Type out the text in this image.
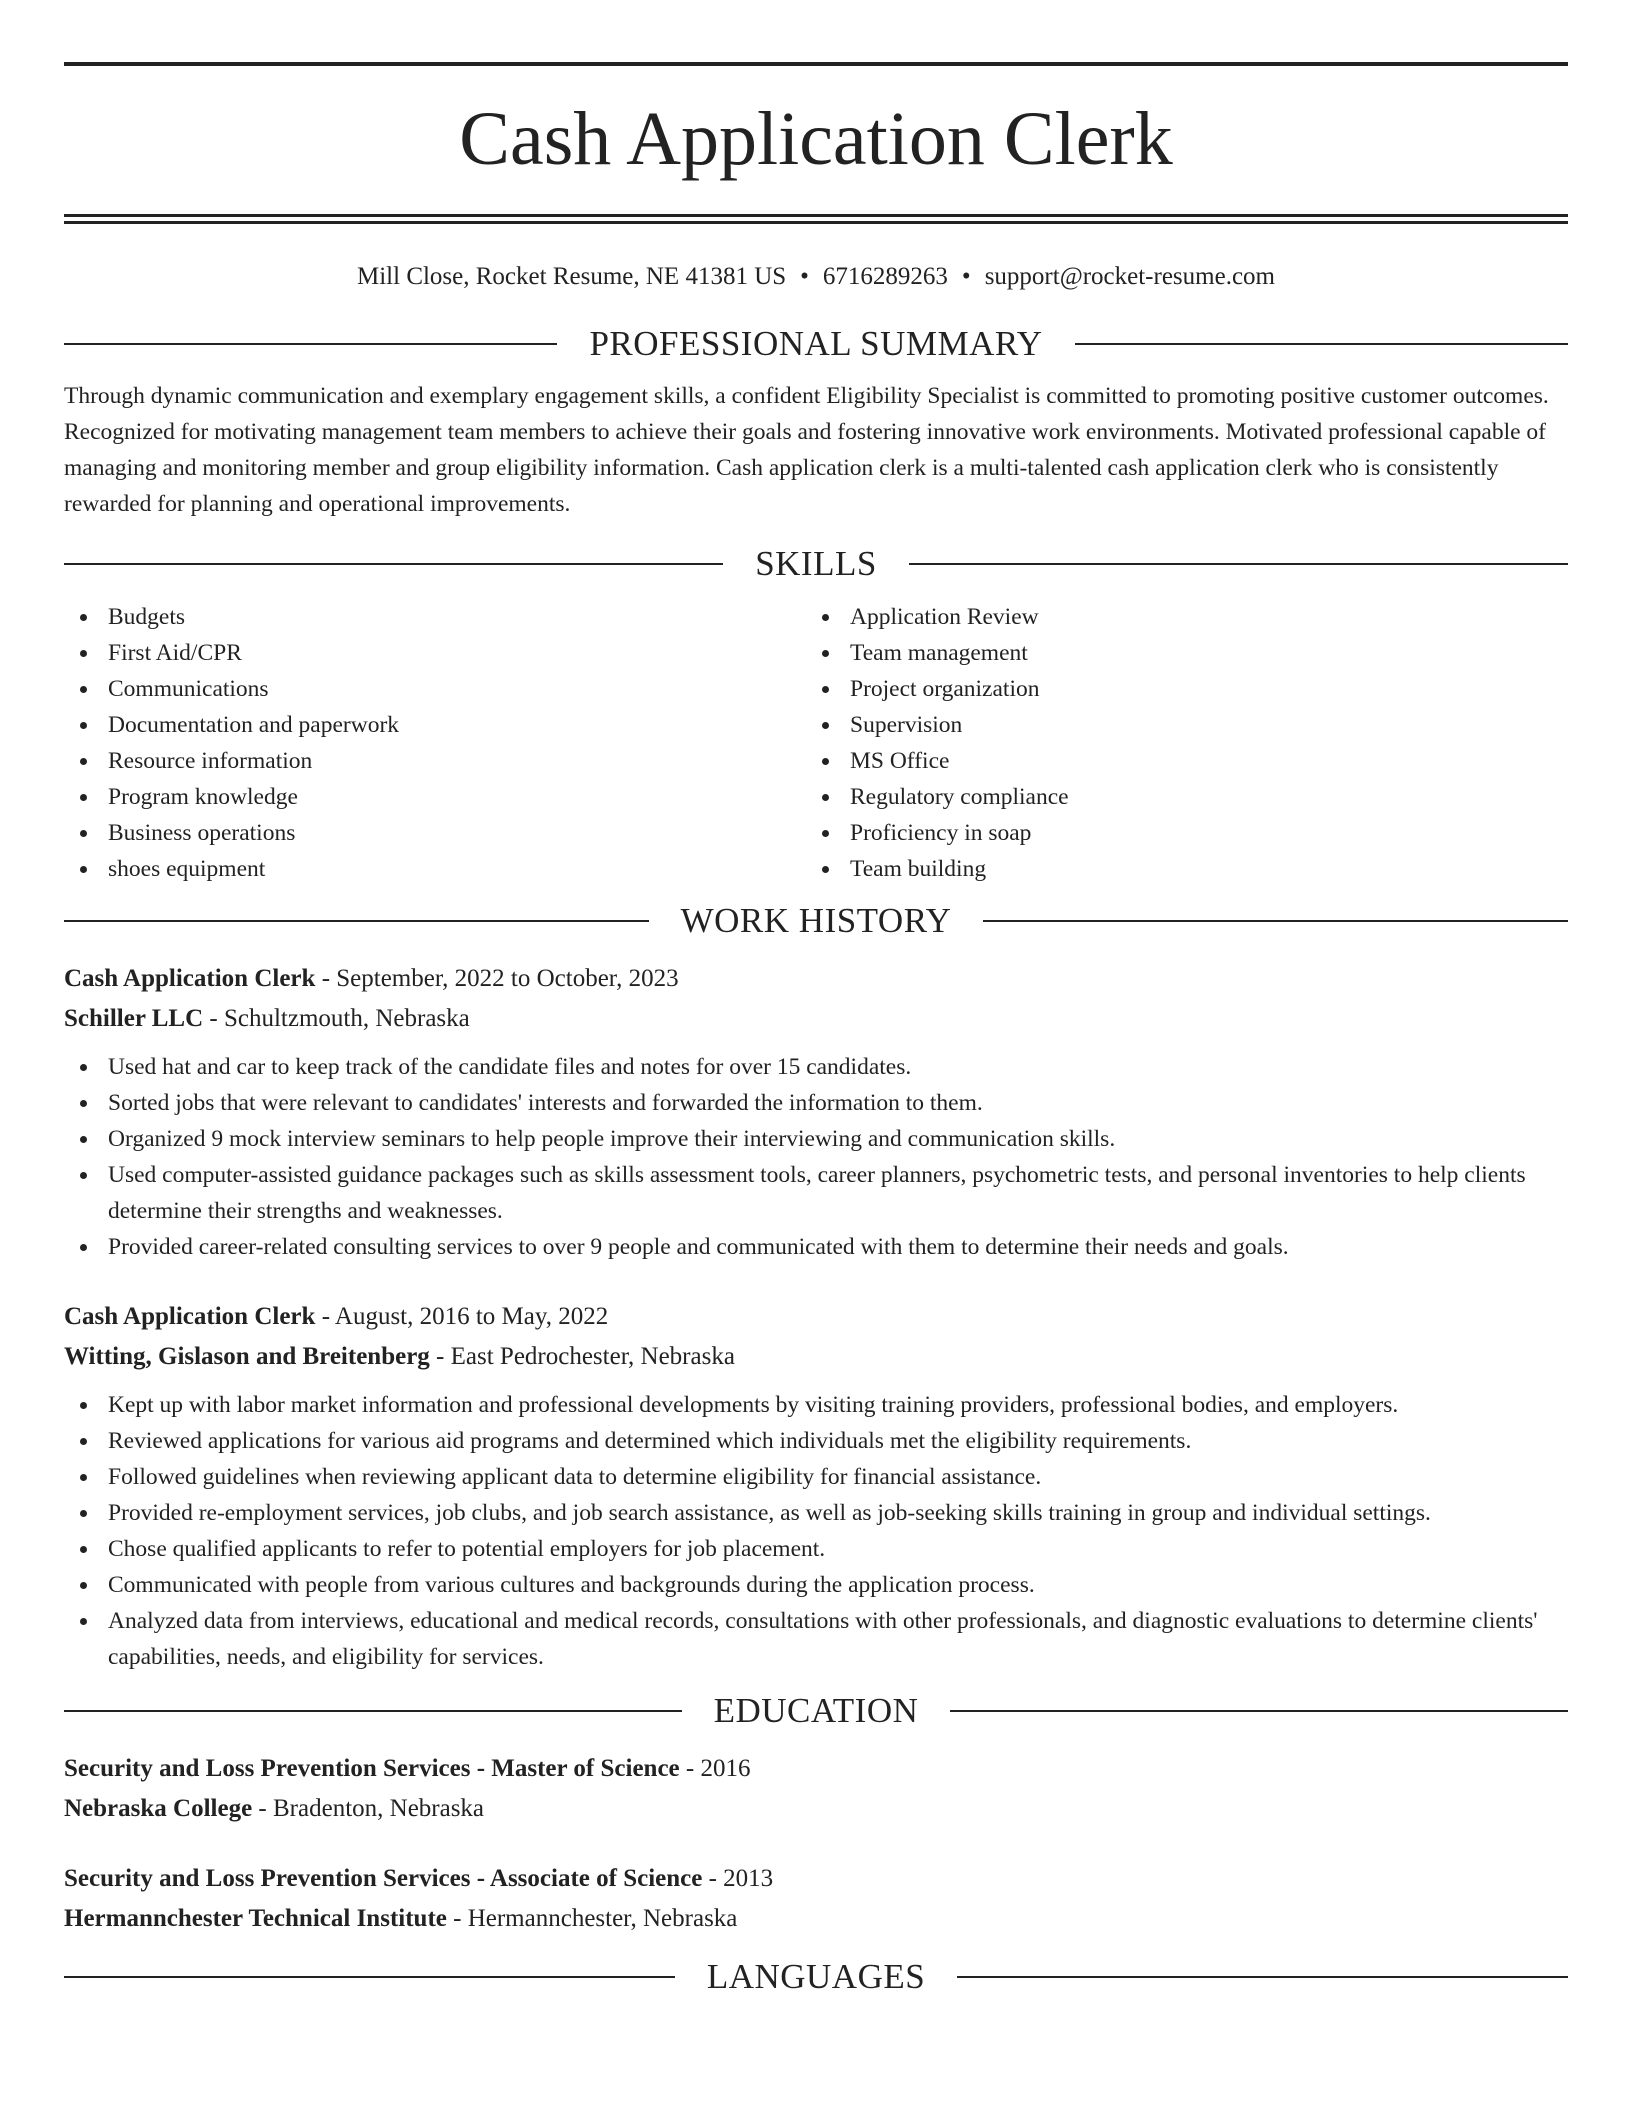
Cash Application Clerk
Mill Close, Rocket Resume, NE 41381 US • 6716289263 • support@rocket-resume.com
PROFESSIONAL SUMMARY

Through dynamic communication and exemplary engagement skills, a confident Eligibility Specialist is committed to promoting positive customer outcomes. Recognized for motivating management team members to achieve their goals and fostering innovative work environments. Motivated professional capable of managing and monitoring member and group eligibility information. Cash application clerk is a multi-talented cash application clerk who is consistently rewarded for planning and operational improvements.

SKILLS
Budgets
First Aid/CPR
Communications
Documentation and paperwork
Resource information
Program knowledge
Business operations
shoes equipment
Application Review
Team management
Project organization
Supervision
MS Office
Regulatory compliance
Proficiency in soap
Team building
WORK HISTORY
Cash Application Clerk - September, 2022 to October, 2023
Schiller LLC - Schultzmouth, Nebraska
Used hat and car to keep track of the candidate files and notes for over 15 candidates.
Sorted jobs that were relevant to candidates' interests and forwarded the information to them.
Organized 9 mock interview seminars to help people improve their interviewing and communication skills.
Used computer-assisted guidance packages such as skills assessment tools, career planners, psychometric tests, and personal inventories to help clients determine their strengths and weaknesses.
Provided career-related consulting services to over 9 people and communicated with them to determine their needs and goals.
Cash Application Clerk - August, 2016 to May, 2022
Witting, Gislason and Breitenberg - East Pedrochester, Nebraska
Kept up with labor market information and professional developments by visiting training providers, professional bodies, and employers.
Reviewed applications for various aid programs and determined which individuals met the eligibility requirements.
Followed guidelines when reviewing applicant data to determine eligibility for financial assistance.
Provided re-employment services, job clubs, and job search assistance, as well as job-seeking skills training in group and individual settings.
Chose qualified applicants to refer to potential employers for job placement.
Communicated with people from various cultures and backgrounds during the application process.
Analyzed data from interviews, educational and medical records, consultations with other professionals, and diagnostic evaluations to determine clients' capabilities, needs, and eligibility for services.
EDUCATION
Security and Loss Prevention Services - Master of Science - 2016
Nebraska College - Bradenton, Nebraska
Security and Loss Prevention Services - Associate of Science - 2013
Hermannchester Technical Institute - Hermannchester, Nebraska
LANGUAGES
